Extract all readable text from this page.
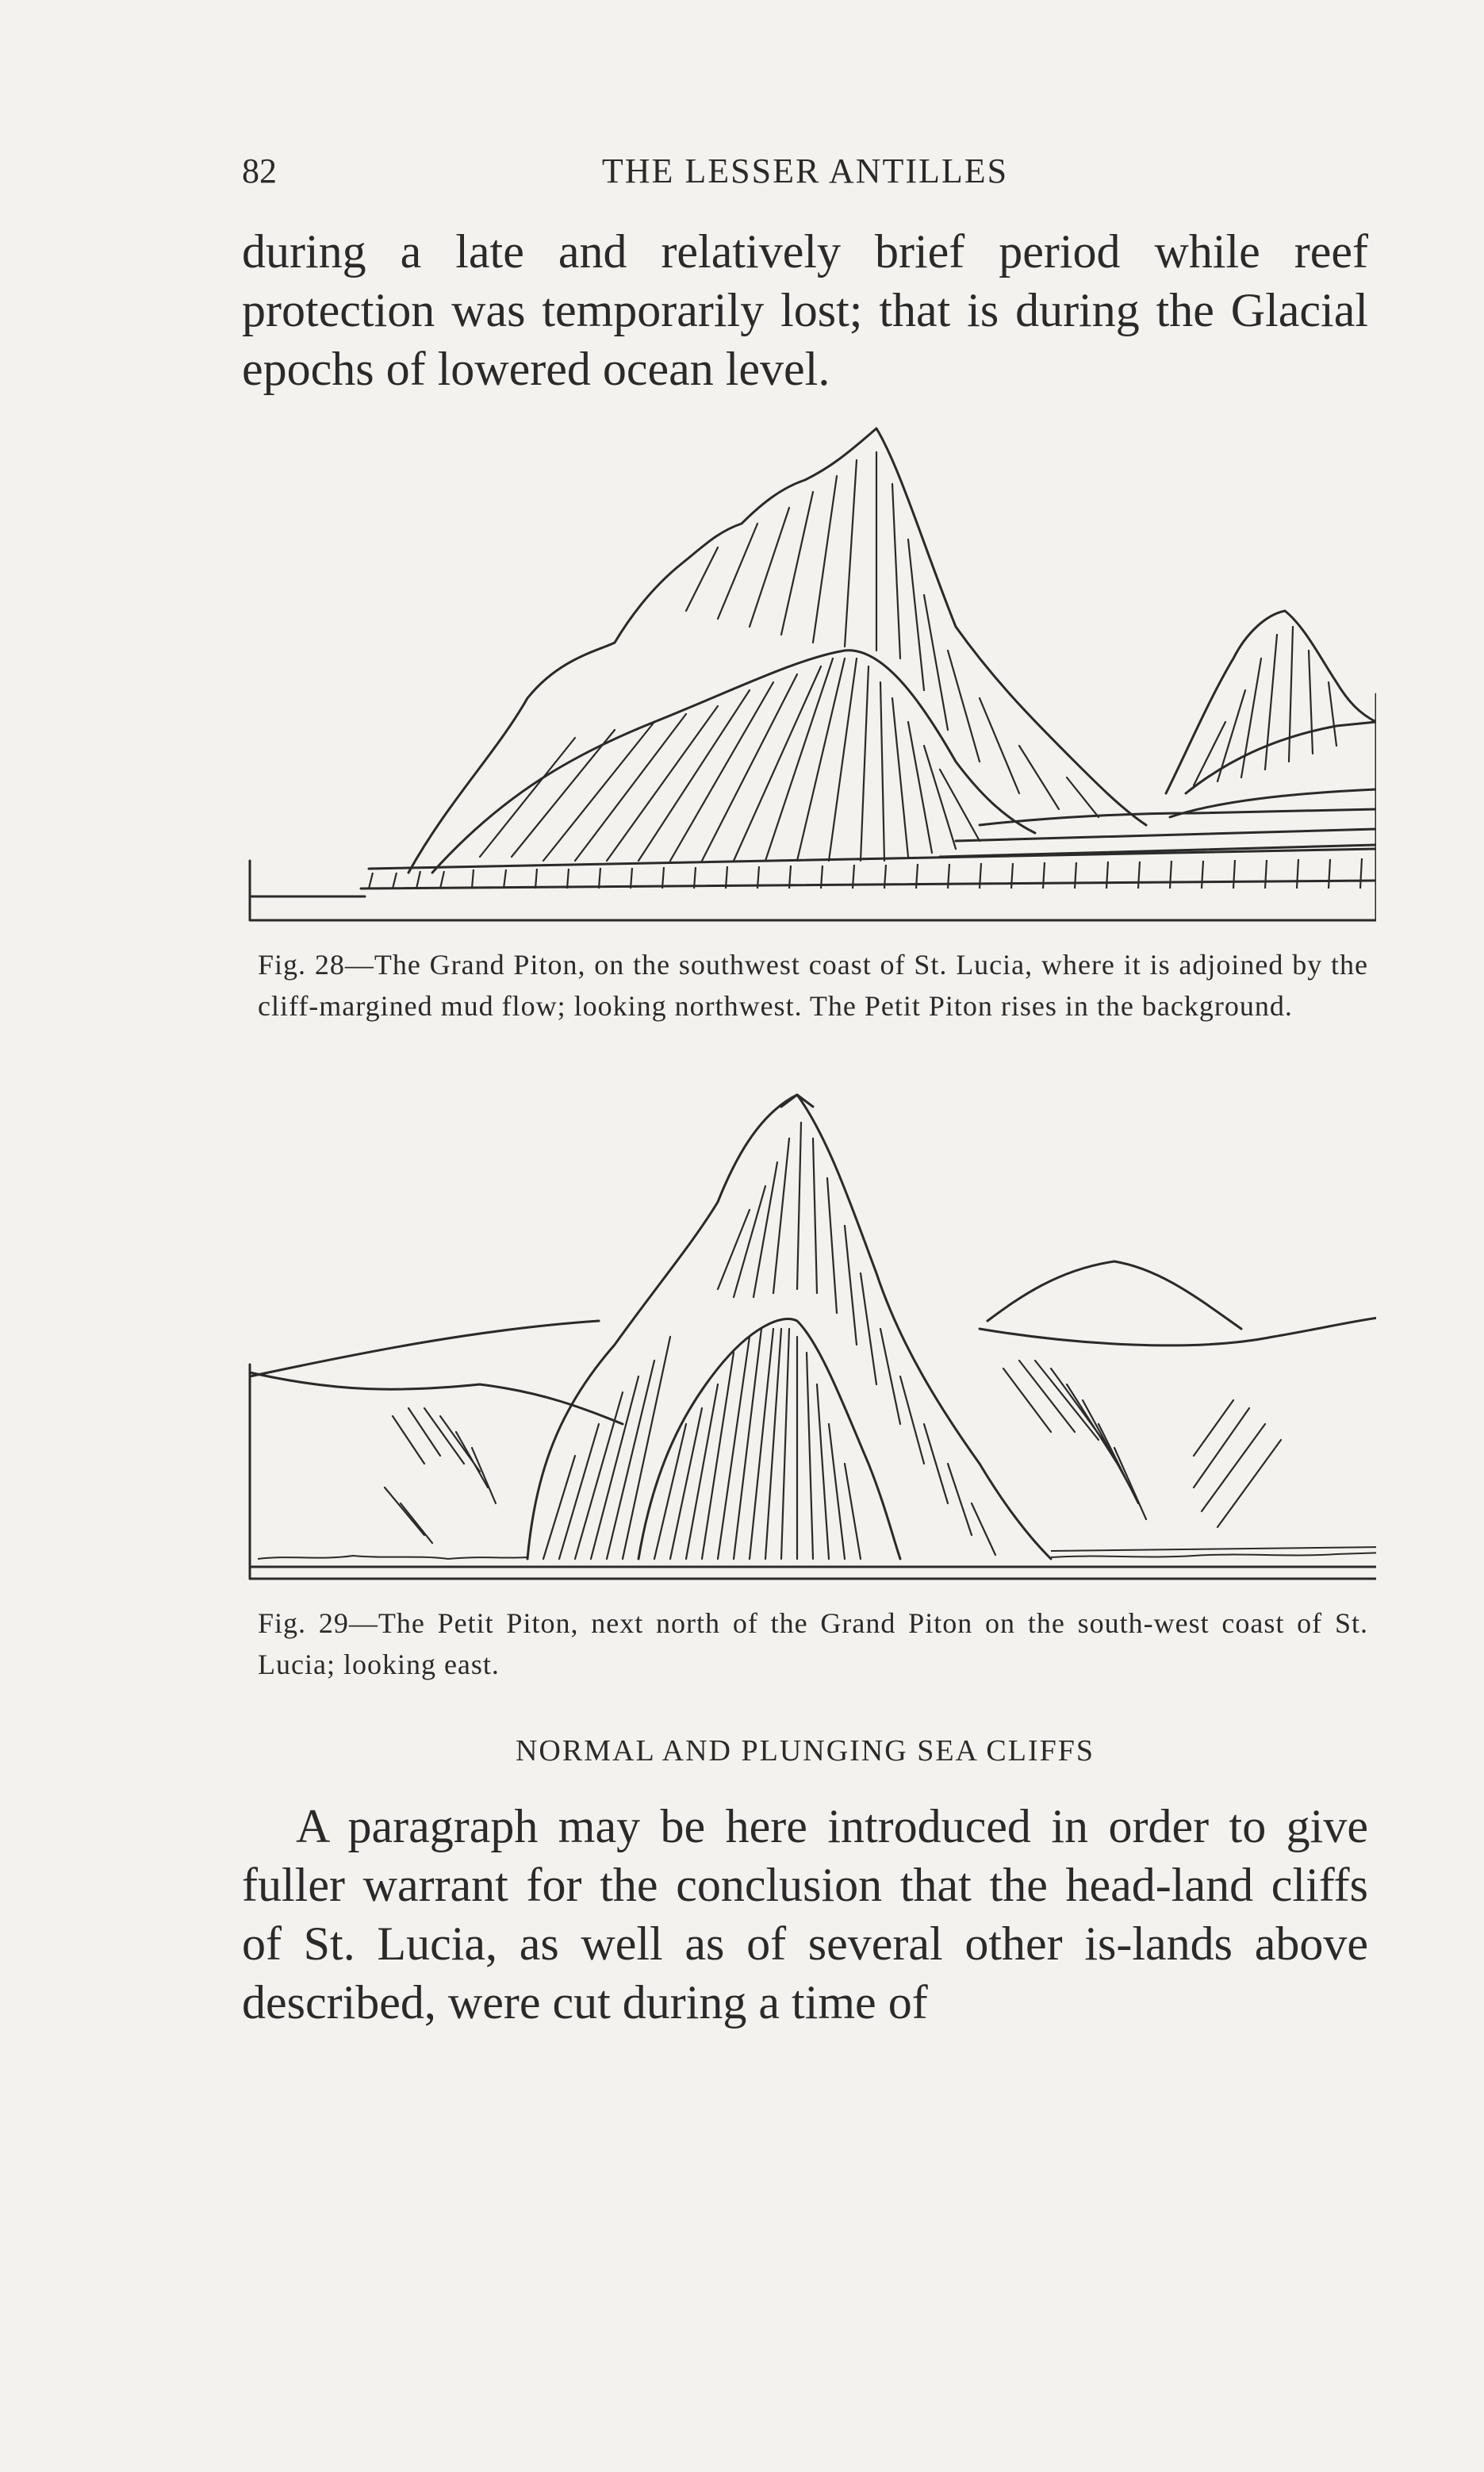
82	THE LESSER ANTILLES

during a late and relatively brief period while reef protection was temporarily lost; that is during the Glacial epochs of lowered ocean level.

Fig. 28—The Grand Piton, on the southwest coast of St. Lucia, where it is adjoined by the cliff-margined mud flow; looking northwest. The Petit Piton rises in the background.

Fig. 29—The Petit Piton, next north of the Grand Piton on the south-west coast of St. Lucia; looking east.

NORMAL AND PLUNGING SEA CLIFFS

A paragraph may be here introduced in order to give fuller warrant for the conclusion that the head-land cliffs of St. Lucia, as well as of several other is-lands above described, were cut during a time of
